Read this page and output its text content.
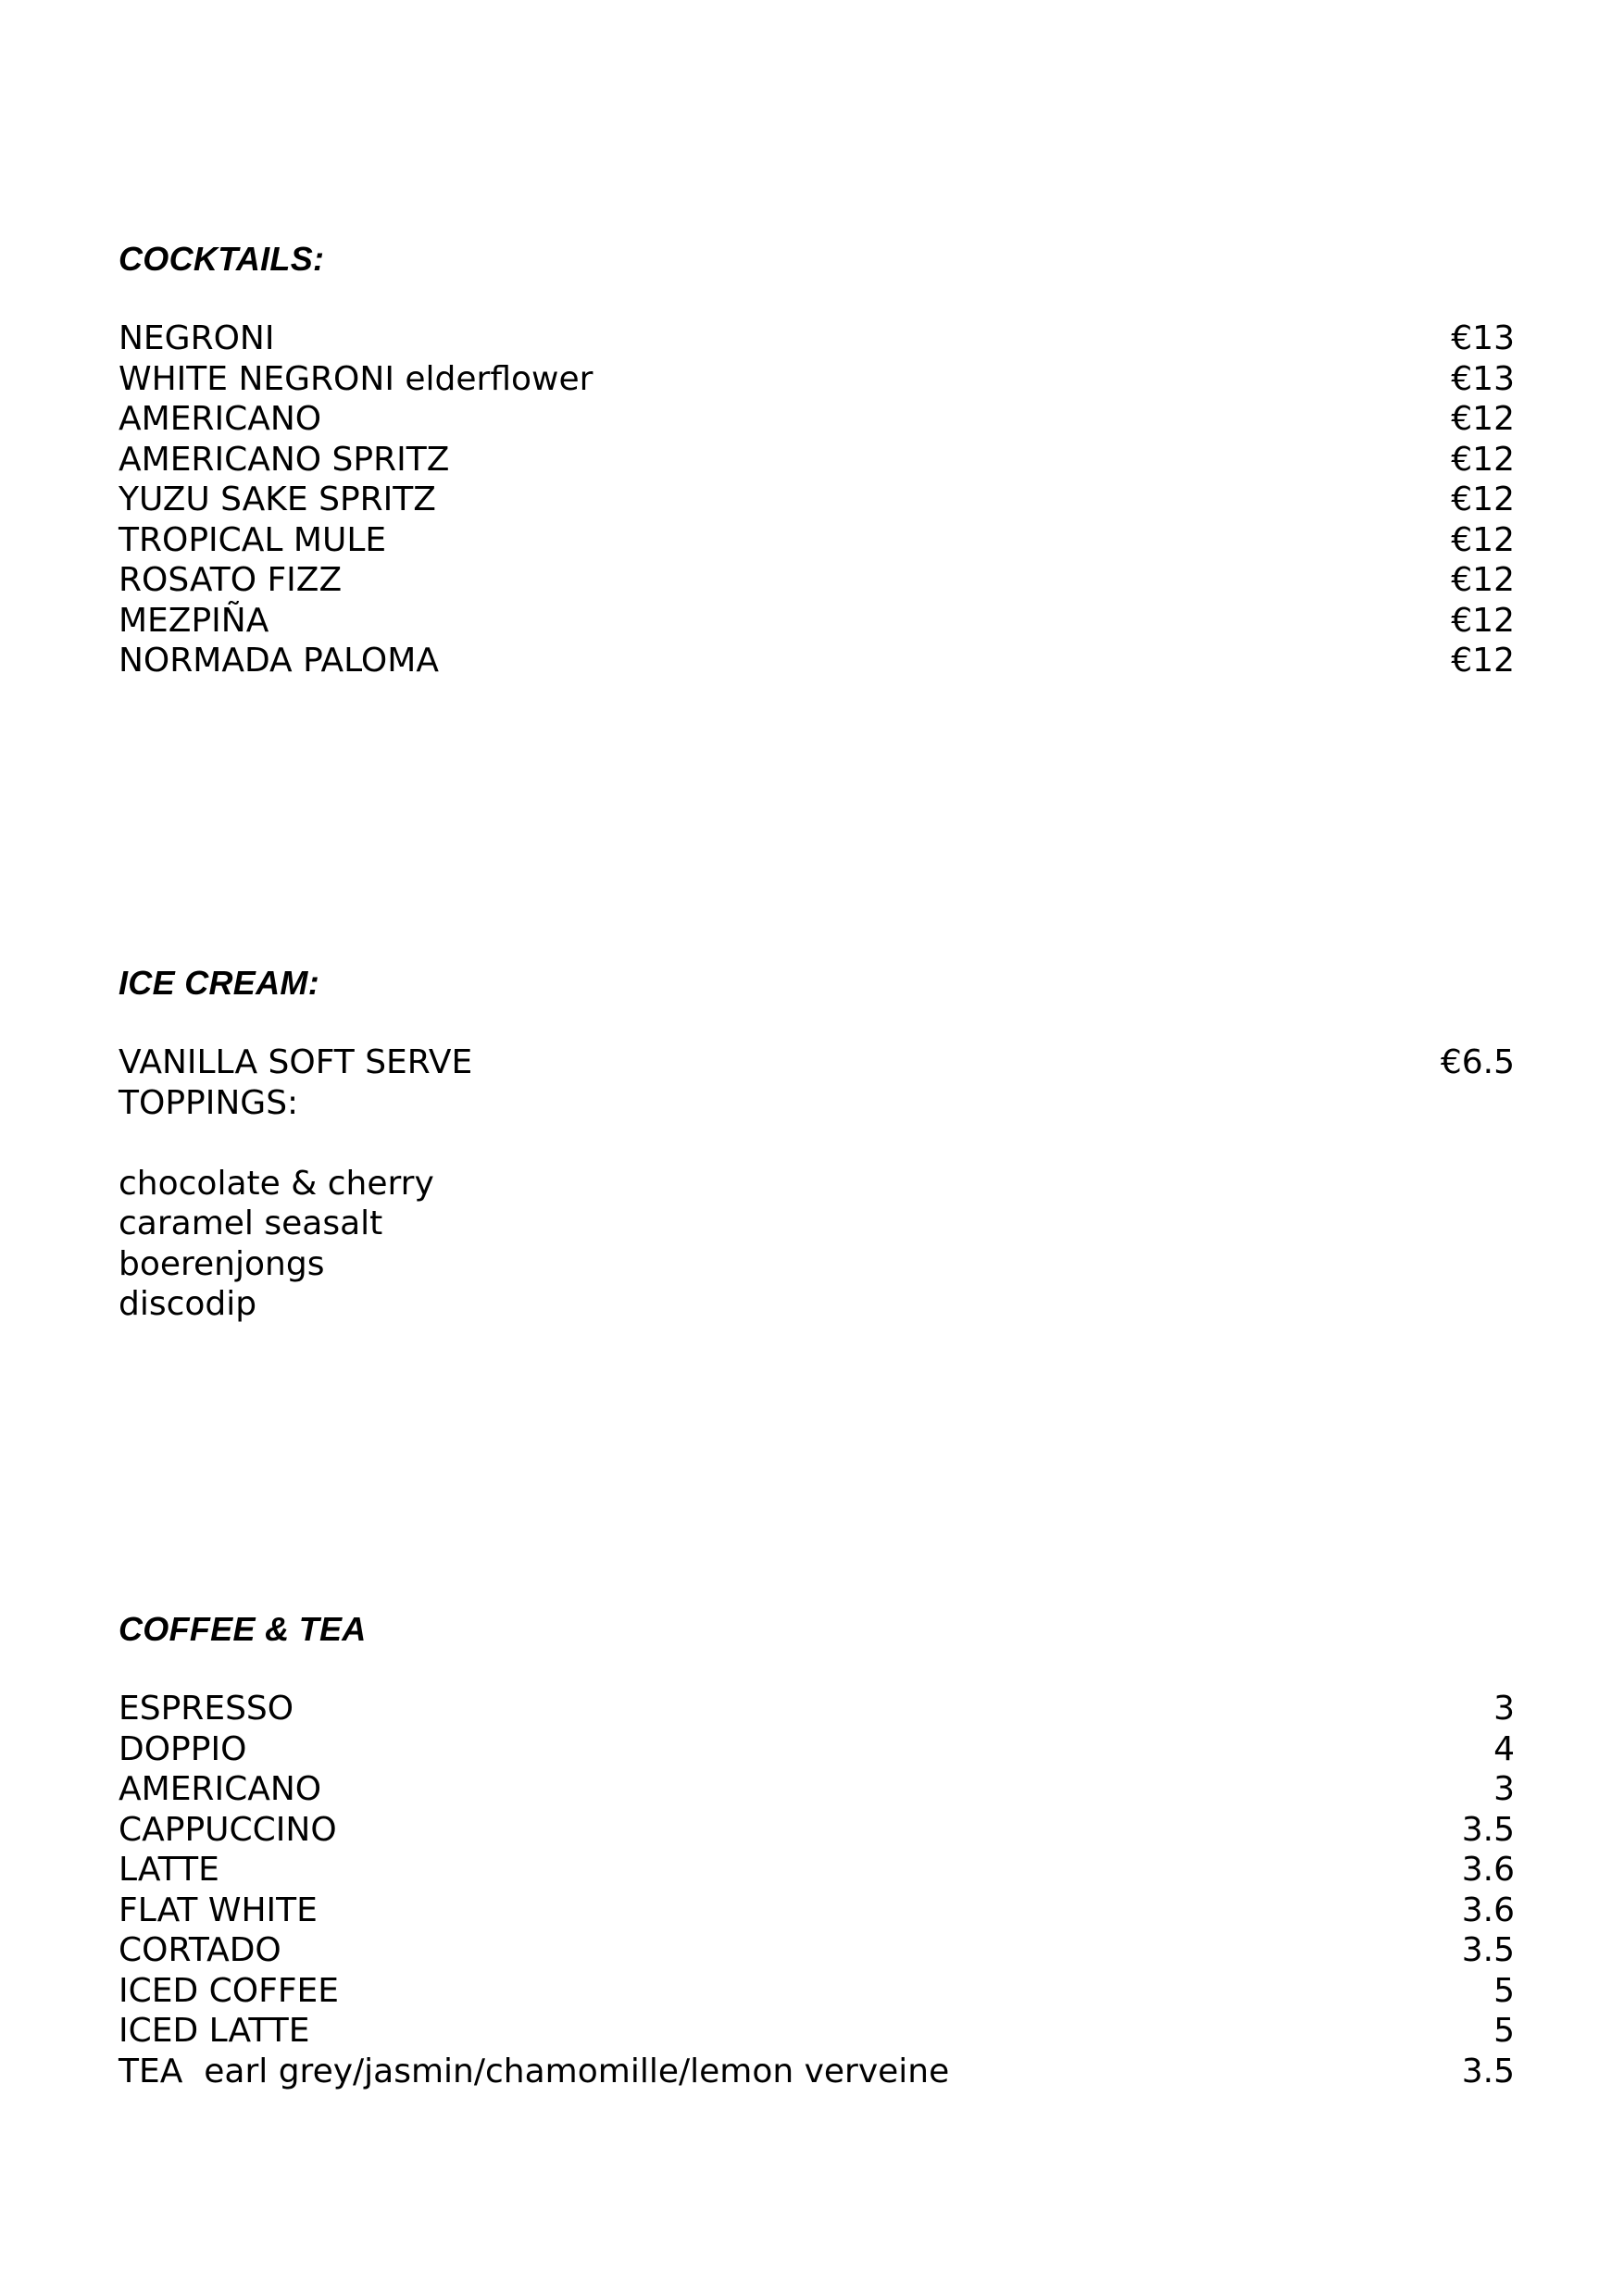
COCKTAILS:
NEGRONI	€13
WHITE NEGRONI elderflower	€13
AMERICANO	€12
AMERICANO SPRITZ	€12
YUZU SAKE SPRITZ	€12
TROPICAL MULE	€12
ROSATO FIZZ	€12
MEZPIÑA	€12
NORMADA PALOMA	€12
ICE CREAM:
VANILLA SOFT SERVE	€6.5
TOPPINGS:
chocolate & cherry
caramel seasalt
boerenjongs
discodip
COFFEE & TEA
ESPRESSO	3
DOPPIO	4
AMERICANO	3
CAPPUCCINO	3.5
LATTE	3.6
FLAT WHITE	3.6
CORTADO	3.5
ICED COFFEE	5
ICED LATTE	5
TEA  earl grey/jasmin/chamomille/lemon verveine	3.5
